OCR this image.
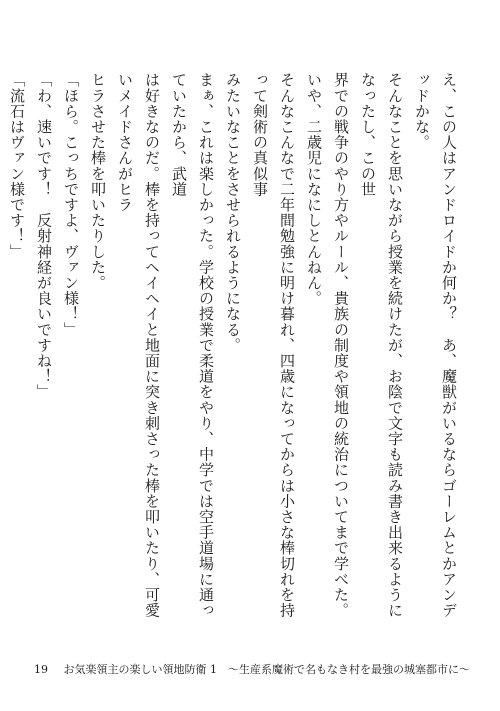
え、この人はアンドロイドか何か？　あ、魔獣がいるならゴーレムとかアンデッドかな。

そんなことを思いながら授業を続けたが、お陰で文字も読み書き出来るようになったし、この世

界での戦争のやり方やルール、貴族の制度や領地の統治についてまで学べた。

いや、二歳児になにしとんねん。

そんなこんなで二年間勉強に明け暮れ、四歳になってからは小さな棒切れを持って剣術の真似事

みたいなことをさせられるようになる。

まぁ、これは楽しかった。学校の授業で柔道をやり、中学では空手道場に通っていたから、武道

は好きなのだ。棒を持ってヘイヘイと地面に突き刺さった棒を叩いたり、可愛いメイドさんがヒラ

ヒラさせた棒を叩いたりした。

「ほら。こっちですよ、ヴァン様！」

「わ、速いです！　反射神経が良いですね！」

「流石はヴァン様です！」

19 お気楽領主の楽しい領地防衛 1　～生産系魔術で名もなき村を最強の城塞都市に～
